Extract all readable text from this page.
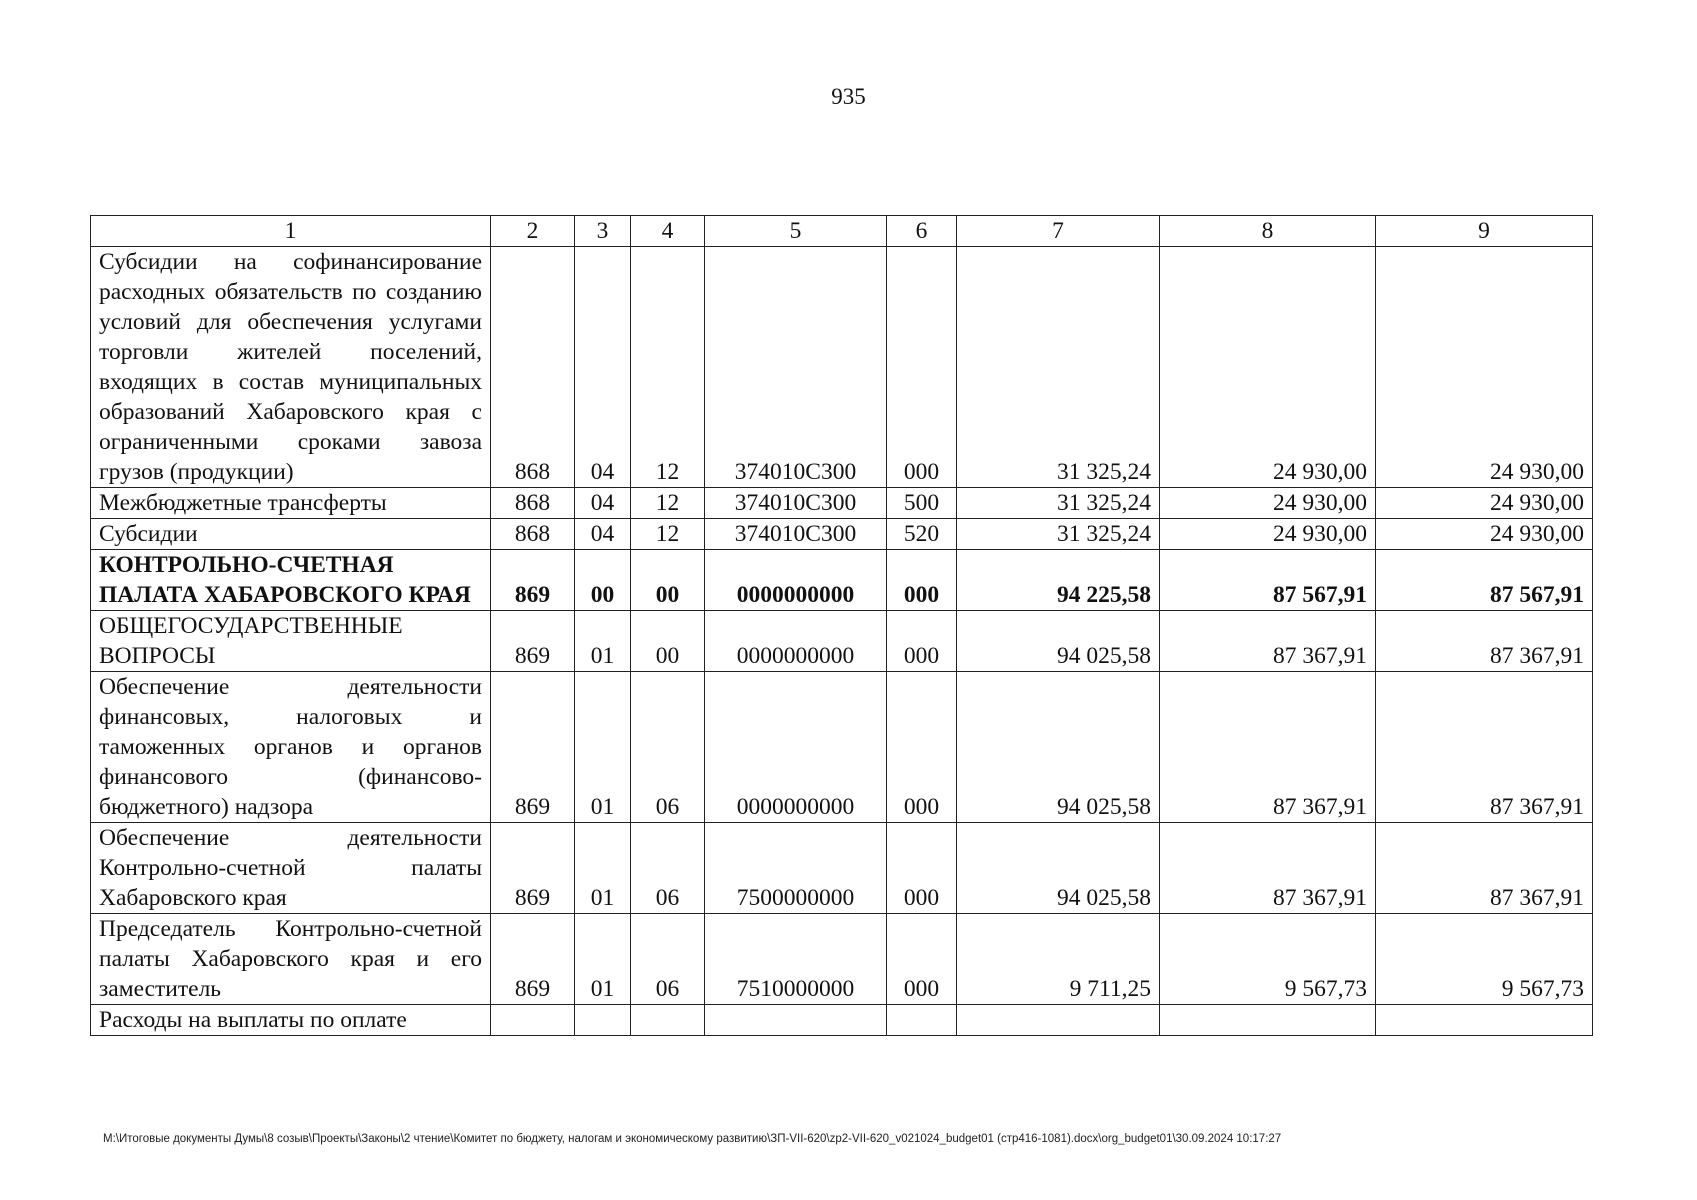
935
1	2	3	4	5	6	7	8	9
Субсидии на софинансирование расходных обязательств по созданию условий для обеспечения услугами торговли жителей поселений, входящих в состав муниципальных образований Хабаровского края с ограниченными сроками завоза грузов (продукции)	868	04	12	374010C300	000	31 325,24	24 930,00	24 930,00
Межбюджетные трансферты	868	04	12	374010C300	500	31 325,24	24 930,00	24 930,00
Субсидии	868	04	12	374010C300	520	31 325,24	24 930,00	24 930,00
КОНТРОЛЬНО-СЧЕТНАЯ ПАЛАТА ХАБАРОВСКОГО КРАЯ	869	00	00	0000000000	000	94 225,58	87 567,91	87 567,91
ОБЩЕГОСУДАРСТВЕННЫЕ ВОПРОСЫ	869	01	00	0000000000	000	94 025,58	87 367,91	87 367,91
Обеспечение деятельности финансовых, налоговых и таможенных органов и органов финансового (финансово-бюджетного) надзора	869	01	06	0000000000	000	94 025,58	87 367,91	87 367,91
Обеспечение деятельности Контрольно-счетной палаты Хабаровского края	869	01	06	7500000000	000	94 025,58	87 367,91	87 367,91
Председатель Контрольно-счетной палаты Хабаровского края и его заместитель	869	01	06	7510000000	000	9 711,25	9 567,73	9 567,73
Расходы на выплаты по оплате								
M:\Итоговые документы Думы\8 созыв\Проекты\Законы\2 чтение\Комитет по бюджету, налогам и экономическому развитию\ЗП-VII-620\zp2-VII-620_v021024_budget01 (стр416-1081).docx\org_budget01\30.09.2024 10:17:27
